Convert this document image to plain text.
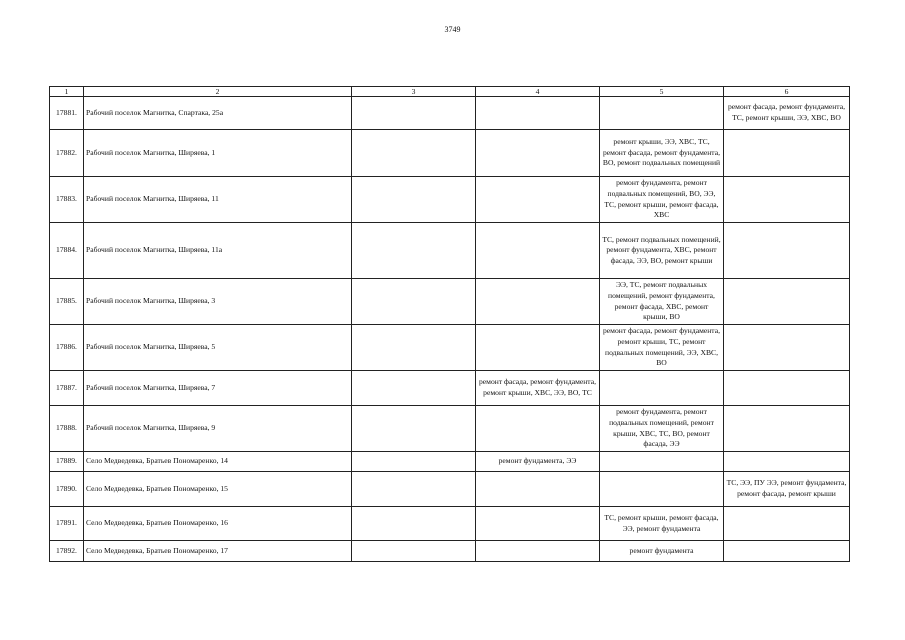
3749
1	2	3	4	5	6
17881.	Рабочий поселок Магнитка, Спартака, 25а				ремонт фасада, ремонт фундамента, ТС, ремонт крыши, ЭЭ, ХВС, ВО
17882.	Рабочий поселок Магнитка, Ширяева, 1			ремонт крыши, ЭЭ, ХВС, ТС, ремонт фасада, ремонт фундамента, ВО, ремонт подвальных помещений	
17883.	Рабочий поселок Магнитка, Ширяева, 11			ремонт фундамента, ремонт подвальных помещений, ВО, ЭЭ, ТС, ремонт крыши, ремонт фасада, ХВС	
17884.	Рабочий поселок Магнитка, Ширяева, 11а			ТС, ремонт подвальных помещений, ремонт фундамента, ХВС, ремонт фасада, ЭЭ, ВО, ремонт крыши	
17885.	Рабочий поселок Магнитка, Ширяева, 3			ЭЭ, ТС, ремонт подвальных помещений, ремонт фундамента, ремонт фасада, ХВС, ремонт крыши, ВО	
17886.	Рабочий поселок Магнитка, Ширяева, 5			ремонт фасада, ремонт фундамента, ремонт крыши, ТС, ремонт подвальных помещений, ЭЭ, ХВС, ВО	
17887.	Рабочий поселок Магнитка, Ширяева, 7		ремонт фасада, ремонт фундамента, ремонт крыши, ХВС, ЭЭ, ВО, ТС		
17888.	Рабочий поселок Магнитка, Ширяева, 9			ремонт фундамента, ремонт подвальных помещений, ремонт крыши, ХВС, ТС, ВО, ремонт фасада, ЭЭ	
17889.	Село Медведевка, Братьев Пономаренко, 14		ремонт фундамента, ЭЭ		
17890.	Село Медведевка, Братьев Пономаренко, 15				ТС, ЭЭ, ПУ ЭЭ, ремонт фундамента, ремонт фасада, ремонт крыши
17891.	Село Медведевка, Братьев Пономаренко, 16			ТС, ремонт крыши, ремонт фасада, ЭЭ, ремонт фундамента	
17892.	Село Медведевка, Братьев Пономаренко, 17			ремонт фундамента	
